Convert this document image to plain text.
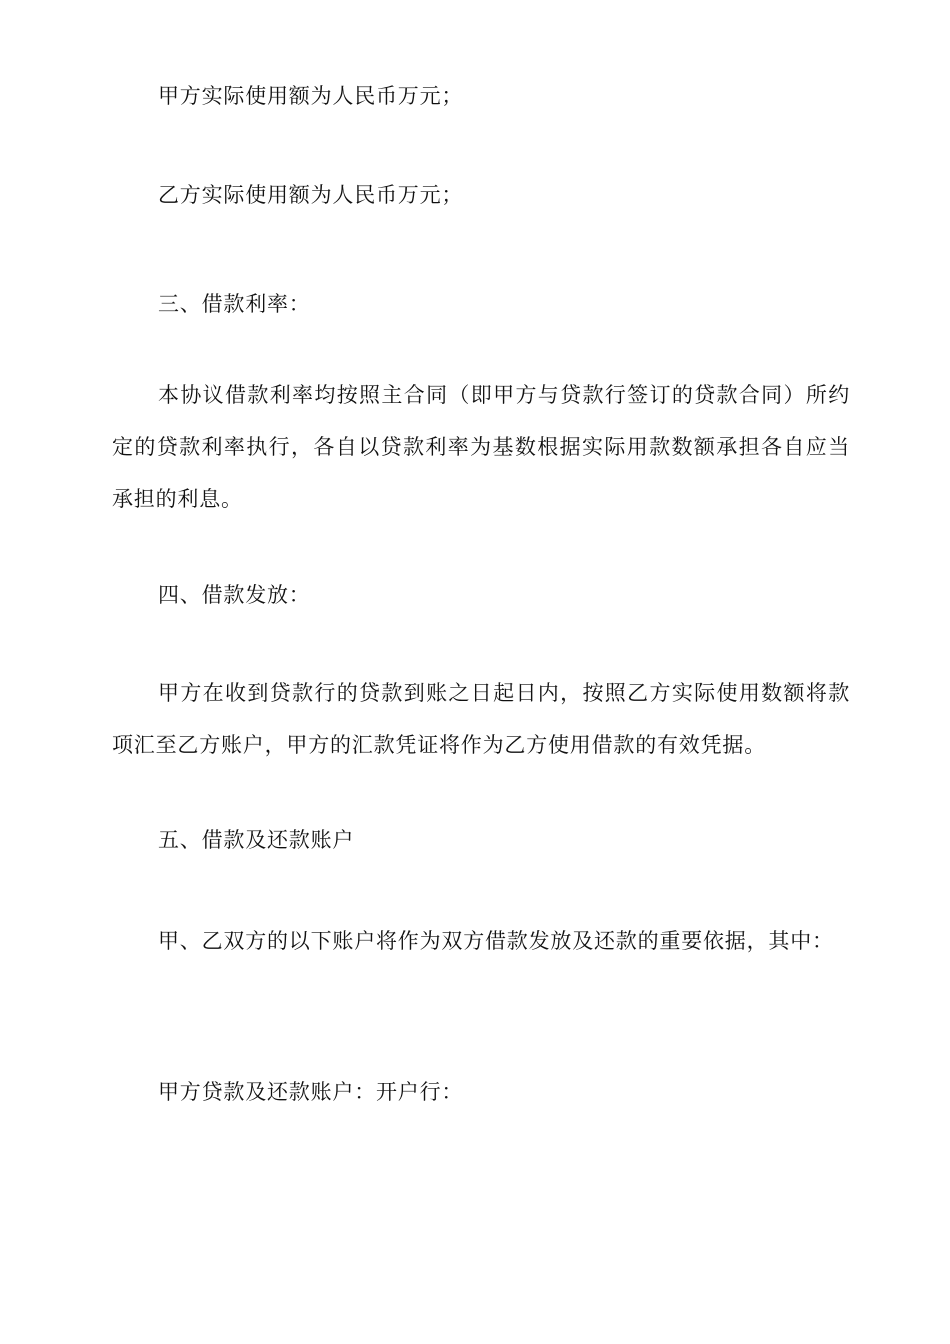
甲方实际使用额为人民币万元；

乙方实际使用额为人民币万元；

三、借款利率：

本协议借款利率均按照主合同（即甲方与贷款行签订的贷款合同）所约定的贷款利率执行，各自以贷款利率为基数根据实际用款数额承担各自应当承担的利息。

四、借款发放：

甲方在收到贷款行的贷款到账之日起日内，按照乙方实际使用数额将款项汇至乙方账户，甲方的汇款凭证将作为乙方使用借款的有效凭据。

五、借款及还款账户

甲、乙双方的以下账户将作为双方借款发放及还款的重要依据，其中：

甲方贷款及还款账户：开户行：
